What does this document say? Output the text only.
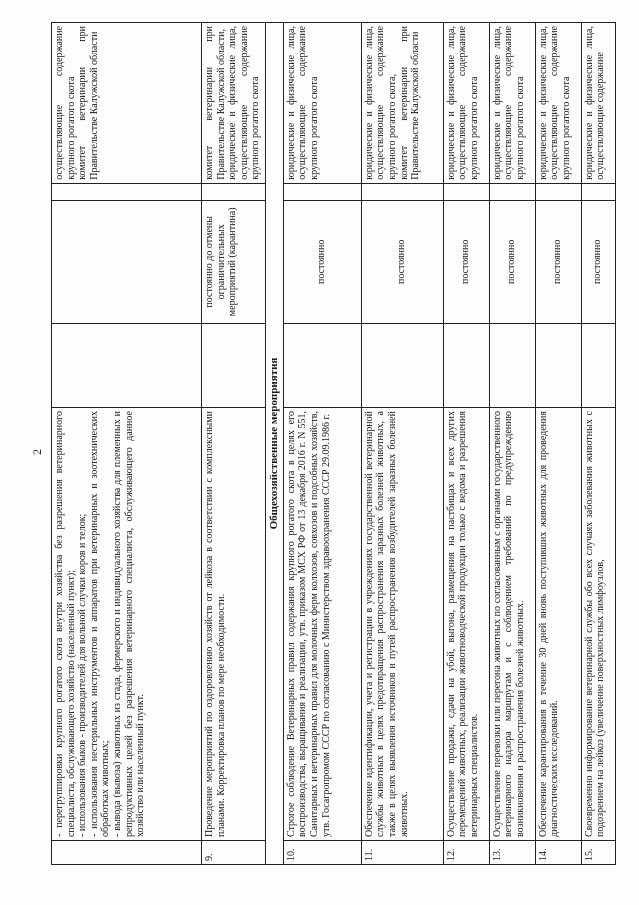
2

	- перегруппировки крупного рогатого скота внутри хозяйства без разрешения ветеринарного специалиста, обслуживающего хозяйство (населенный пункт); - использования быков - производителей для вольной случки коров и телок; - использования нестерильных инструментов и аппаратов при ветеринарных и зоотехнических обработках животных; - вывода (вывоза) животных из стада, фермерского и индивидуального хозяйства для племенных и репродуктивных целей без разрешения ветеринарного специалиста, обслуживающего данное хозяйство или населенный пункт.				осуществляющие содержание крупного рогатого скота комитет ветеринарии при Правительстве Калужской области

9.	Проведение мероприятий по оздоровлению хозяйств от лейкоза в соответствии с комплексными планами. Корректировка планов по мере необходимости.		постоянно до отмены ограничительных мероприятий (карантина)		комитет ветеринарии при Правительстве Калужской области, юридические и физические лица, осуществляющие содержание крупного рогатого скота

Общехозяйственные мероприятия					
10.	Строгое соблюдение Ветеринарных правил содержания крупного рогатого скота в целях его воспроизводства, выращивания и реализации, утв. приказом МСХ РФ от 13 декабря 2016 г. N 551, Санитарных и ветеринарных правил для молочных ферм колхозов, совхозов и подсобных хозяйств, утв. Госагропромом СССР по согласованию с Министерством здравоохранения СССР 29.09.1986 г.		постоянно		юридические и физические лица, осуществляющие содержание крупного рогатого скота
11.	Обеспечение идентификации, учета и регистрации в учреждениях государственной ветеринарной службы животных в целях предотвращения распространения заразных болезней животных, а также в целях выявления источников и путей распространения возбудителей заразных болезней животных.		постоянно		юридические и физические лица, осуществляющие содержание крупного рогатого скота, комитет ветеринарии при Правительстве Калужской области

12.	Осуществление продажи, сдачи на убой, выгона, размещения на пастбищах и всех других перемещений животных, реализации животноводческой продукции только с ведома и разрешения ветеринарных специалистов.		постоянно		юридические и физические лица, осуществляющие содержание крупного рогатого скота
13.	Осуществление перевозки или перегона животных по согласованным с органами государственного ветеринарного надзора маршрутам и с соблюдением требований по предупреждению возникновения и распространения болезней животных.		постоянно		юридические и физические лица, осуществляющие содержание крупного рогатого скота
14.	Обеспечение карантирования в течение 30 дней вновь поступивших животных для проведения диагностических исследований.		постоянно		юридические и физические лица, осуществляющие содержание крупного рогатого скота
15.	Своевременно информирование ветеринарной службы обо всех случаях заболевания животных с подозрением на лейкоз (увеличение поверхностных лимфоузлов,		постоянно		юридические и физические лица, осуществляющие содержание
